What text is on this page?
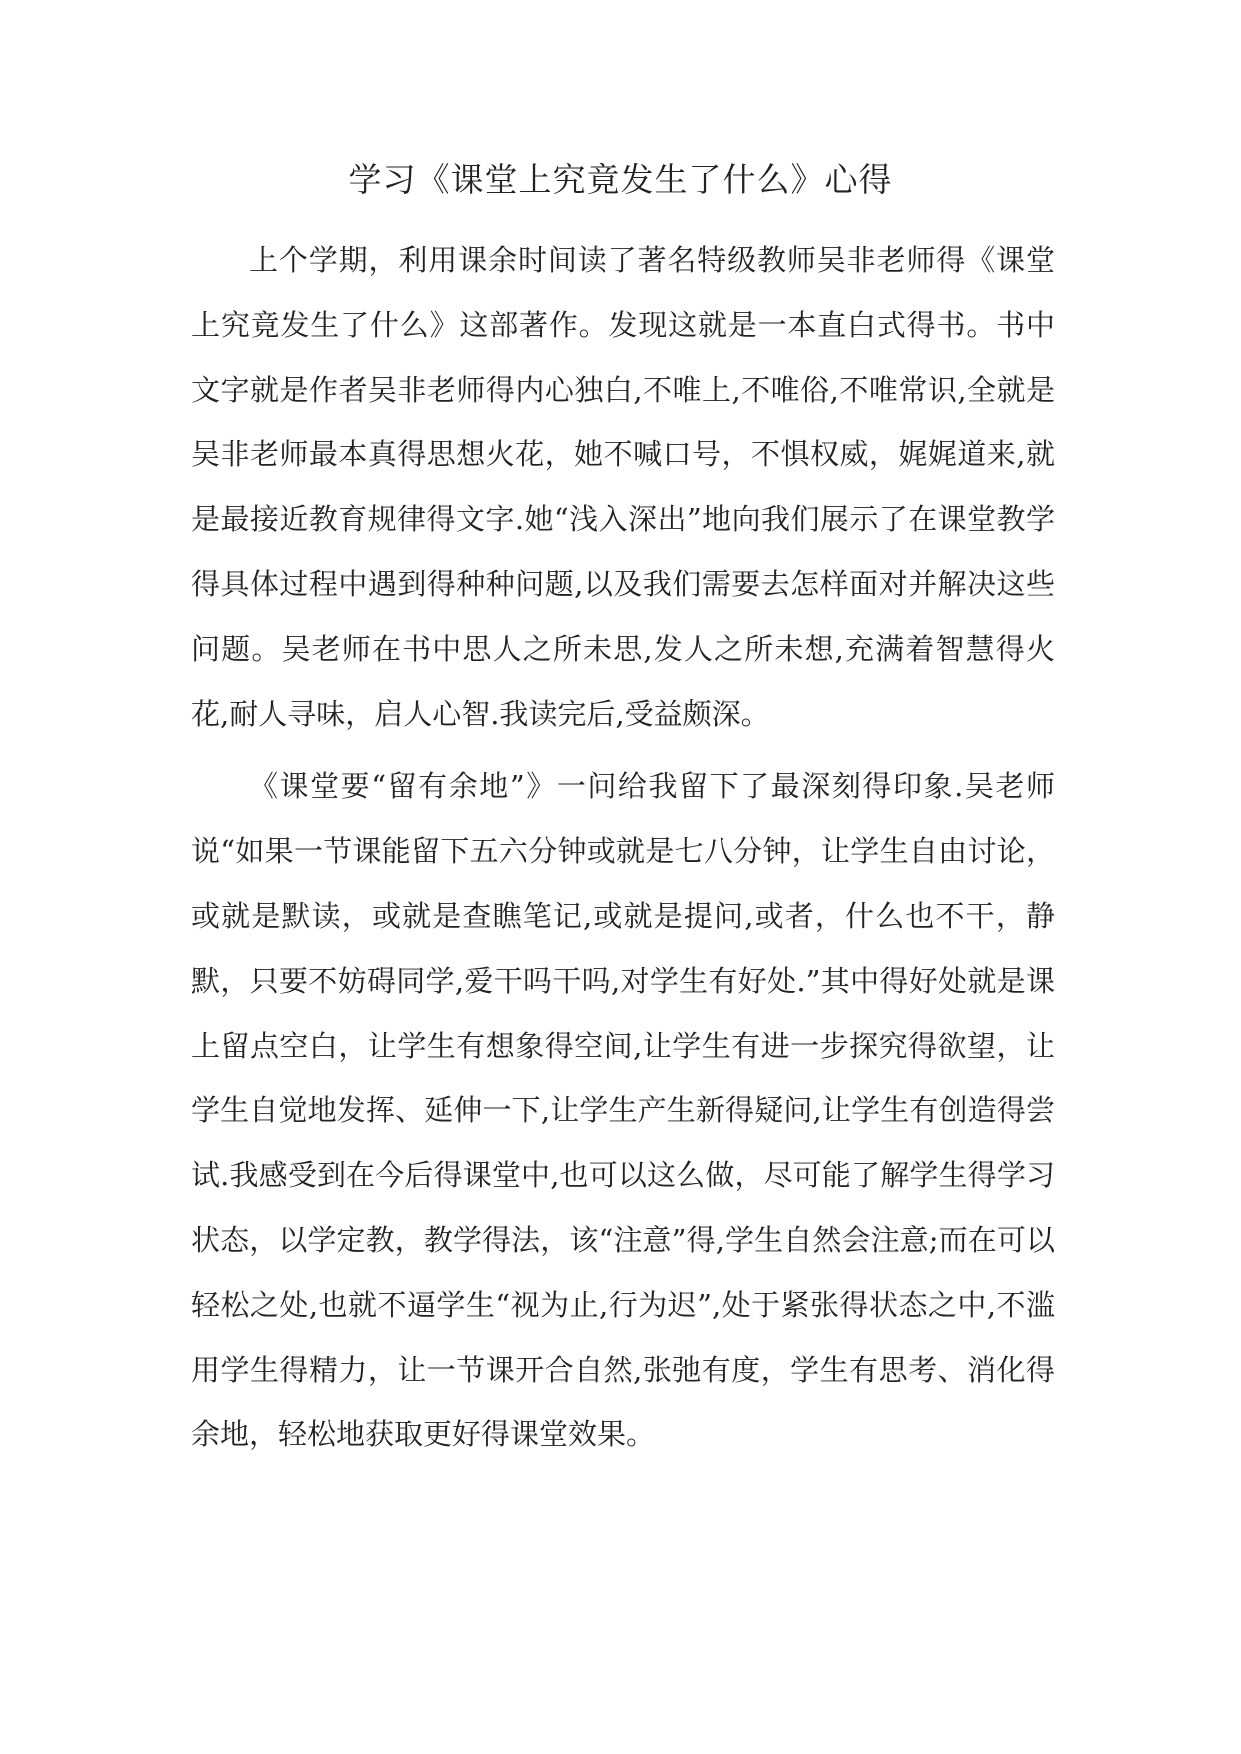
学习《课堂上究竟发生了什么》心得

上个学期，利用课余时间读了著名特级教师吴非老师得《课堂上究竟发生了什么》这部著作。发现这就是一本直白式得书。书中文字就是作者吴非老师得内心独白,不唯上,不唯俗,不唯常识,全就是吴非老师最本真得思想火花，她不喊口号，不惧权威，娓娓道来,就是最接近教育规律得文字.她“浅入深出”地向我们展示了在课堂教学得具体过程中遇到得种种问题,以及我们需要去怎样面对并解决这些问题。吴老师在书中思人之所未思,发人之所未想,充满着智慧得火花,耐人寻味，启人心智.我读完后,受益颇深。

《课堂要“留有余地”》一问给我留下了最深刻得印象.吴老师说“如果一节课能留下五六分钟或就是七八分钟，让学生自由讨论，或就是默读，或就是查瞧笔记,或就是提问,或者，什么也不干，静默，只要不妨碍同学,爱干吗干吗,对学生有好处.”其中得好处就是课上留点空白，让学生有想象得空间,让学生有进一步探究得欲望，让学生自觉地发挥、延伸一下,让学生产生新得疑问,让学生有创造得尝试.我感受到在今后得课堂中,也可以这么做，尽可能了解学生得学习状态，以学定教，教学得法，该“注意”得,学生自然会注意;而在可以轻松之处,也就不逼学生“视为止,行为迟”,处于紧张得状态之中,不滥用学生得精力，让一节课开合自然,张弛有度，学生有思考、消化得余地，轻松地获取更好得课堂效果。
